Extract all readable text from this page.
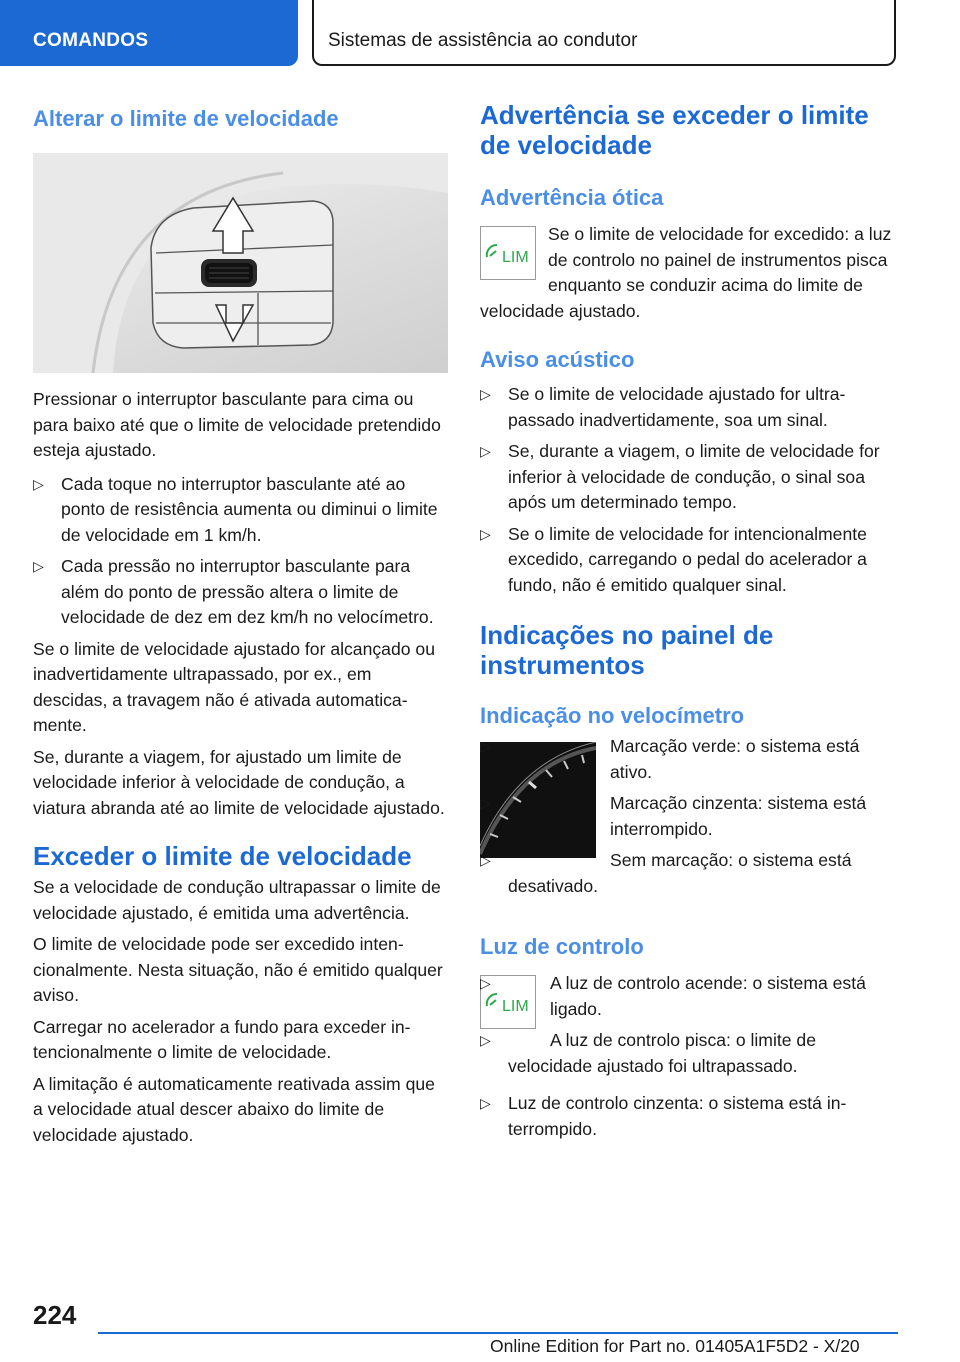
COMANDOS	Sistemas de assistência ao condutor
Alterar o limite de velocidade

Pressionar o interruptor basculante para cima ou para baixo até que o limite de velocidade pretendido esteja ajustado.

▷ Cada toque no interruptor basculante até ao ponto de resistência aumenta ou diminui o limite de velocidade em 1 km/h.
▷ Cada pressão no interruptor basculante para além do ponto de pressão altera o limite de velocidade de dez em dez km/h no velocímetro.

Se o limite de velocidade ajustado for alcançado ou inadvertidamente ultrapassado, por ex., em descidas, a travagem não é ativada automaticamente.

Se, durante a viagem, for ajustado um limite de velocidade inferior à velocidade de condução, a viatura abranda até ao limite de velocidade ajustado.

Exceder o limite de velocidade

Se a velocidade de condução ultrapassar o limite de velocidade ajustado, é emitida uma advertência.

O limite de velocidade pode ser excedido intencionalmente. Nesta situação, não é emitido qualquer aviso.

Carregar no acelerador a fundo para exceder intencionalmente o limite de velocidade.

A limitação é automaticamente reativada assim que a velocidade atual descer abaixo do limite de velocidade ajustado.

Advertência se exceder o limite de velocidade
Advertência ótica
LIM

Se o limite de velocidade for excedido: a luz de controlo no painel de instrumentos pisca enquanto se conduzir acima do limite de velocidade ajustado.

Aviso acústico
▷ Se o limite de velocidade ajustado for ultrapassado inadvertidamente, soa um sinal.
▷ Se, durante a viagem, o limite de velocidade for inferior à velocidade de condução, o sinal soa após um determinado tempo.
▷ Se o limite de velocidade for intencionalmente excedido, carregando o pedal do acelerador a fundo, não é emitido qualquer sinal.
Indicações no painel de instrumentos
Indicação no velocímetro
▷	Marcação verde: o sistema está ativo.
▷	Marcação cinzenta: sistema está interrompido.
▷	Sem marcação: o sistema está desativado.
Luz de controlo
LIM
▷	A luz de controlo acende: o sistema está ligado.
▷	A luz de controlo pisca: o limite de velocidade ajustado foi ultrapassado.
▷ Luz de controlo cinzenta: o sistema está interrompido.
224
Online Edition for Part no. 01405A1F5D2 - X/20
